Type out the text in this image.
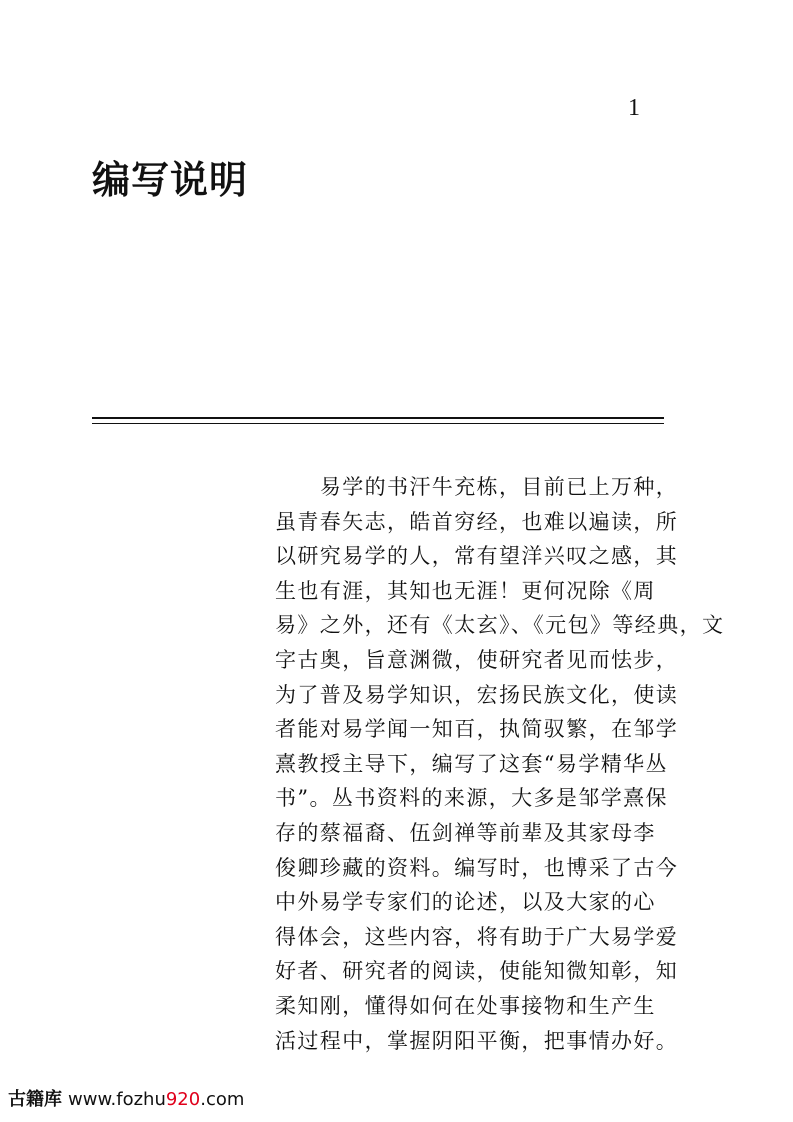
1
编写说明
　　易学的书汗牛充栋，目前已上万种，
虽青春矢志，皓首穷经，也难以遍读，所
以研究易学的人，常有望洋兴叹之感，其
生也有涯，其知也无涯！更何况除《周
易》之外，还有《太玄》、《元包》等经典，文
字古奥，旨意渊微，使研究者见而怯步，
为了普及易学知识，宏扬民族文化，使读
者能对易学闻一知百，执简驭繁，在邹学
熹教授主导下，编写了这套“易学精华丛
书”。丛书资料的来源，大多是邹学熹保
存的蔡福裔、伍剑禅等前辈及其家母李
俊卿珍藏的资料。编写时，也博采了古今
中外易学专家们的论述，以及大家的心
得体会，这些内容，将有助于广大易学爱
好者、研究者的阅读，使能知微知彰，知
柔知刚，懂得如何在处事接物和生产生
活过程中，掌握阴阳平衡，把事情办好。
古籍库 www.fozhu920.com
